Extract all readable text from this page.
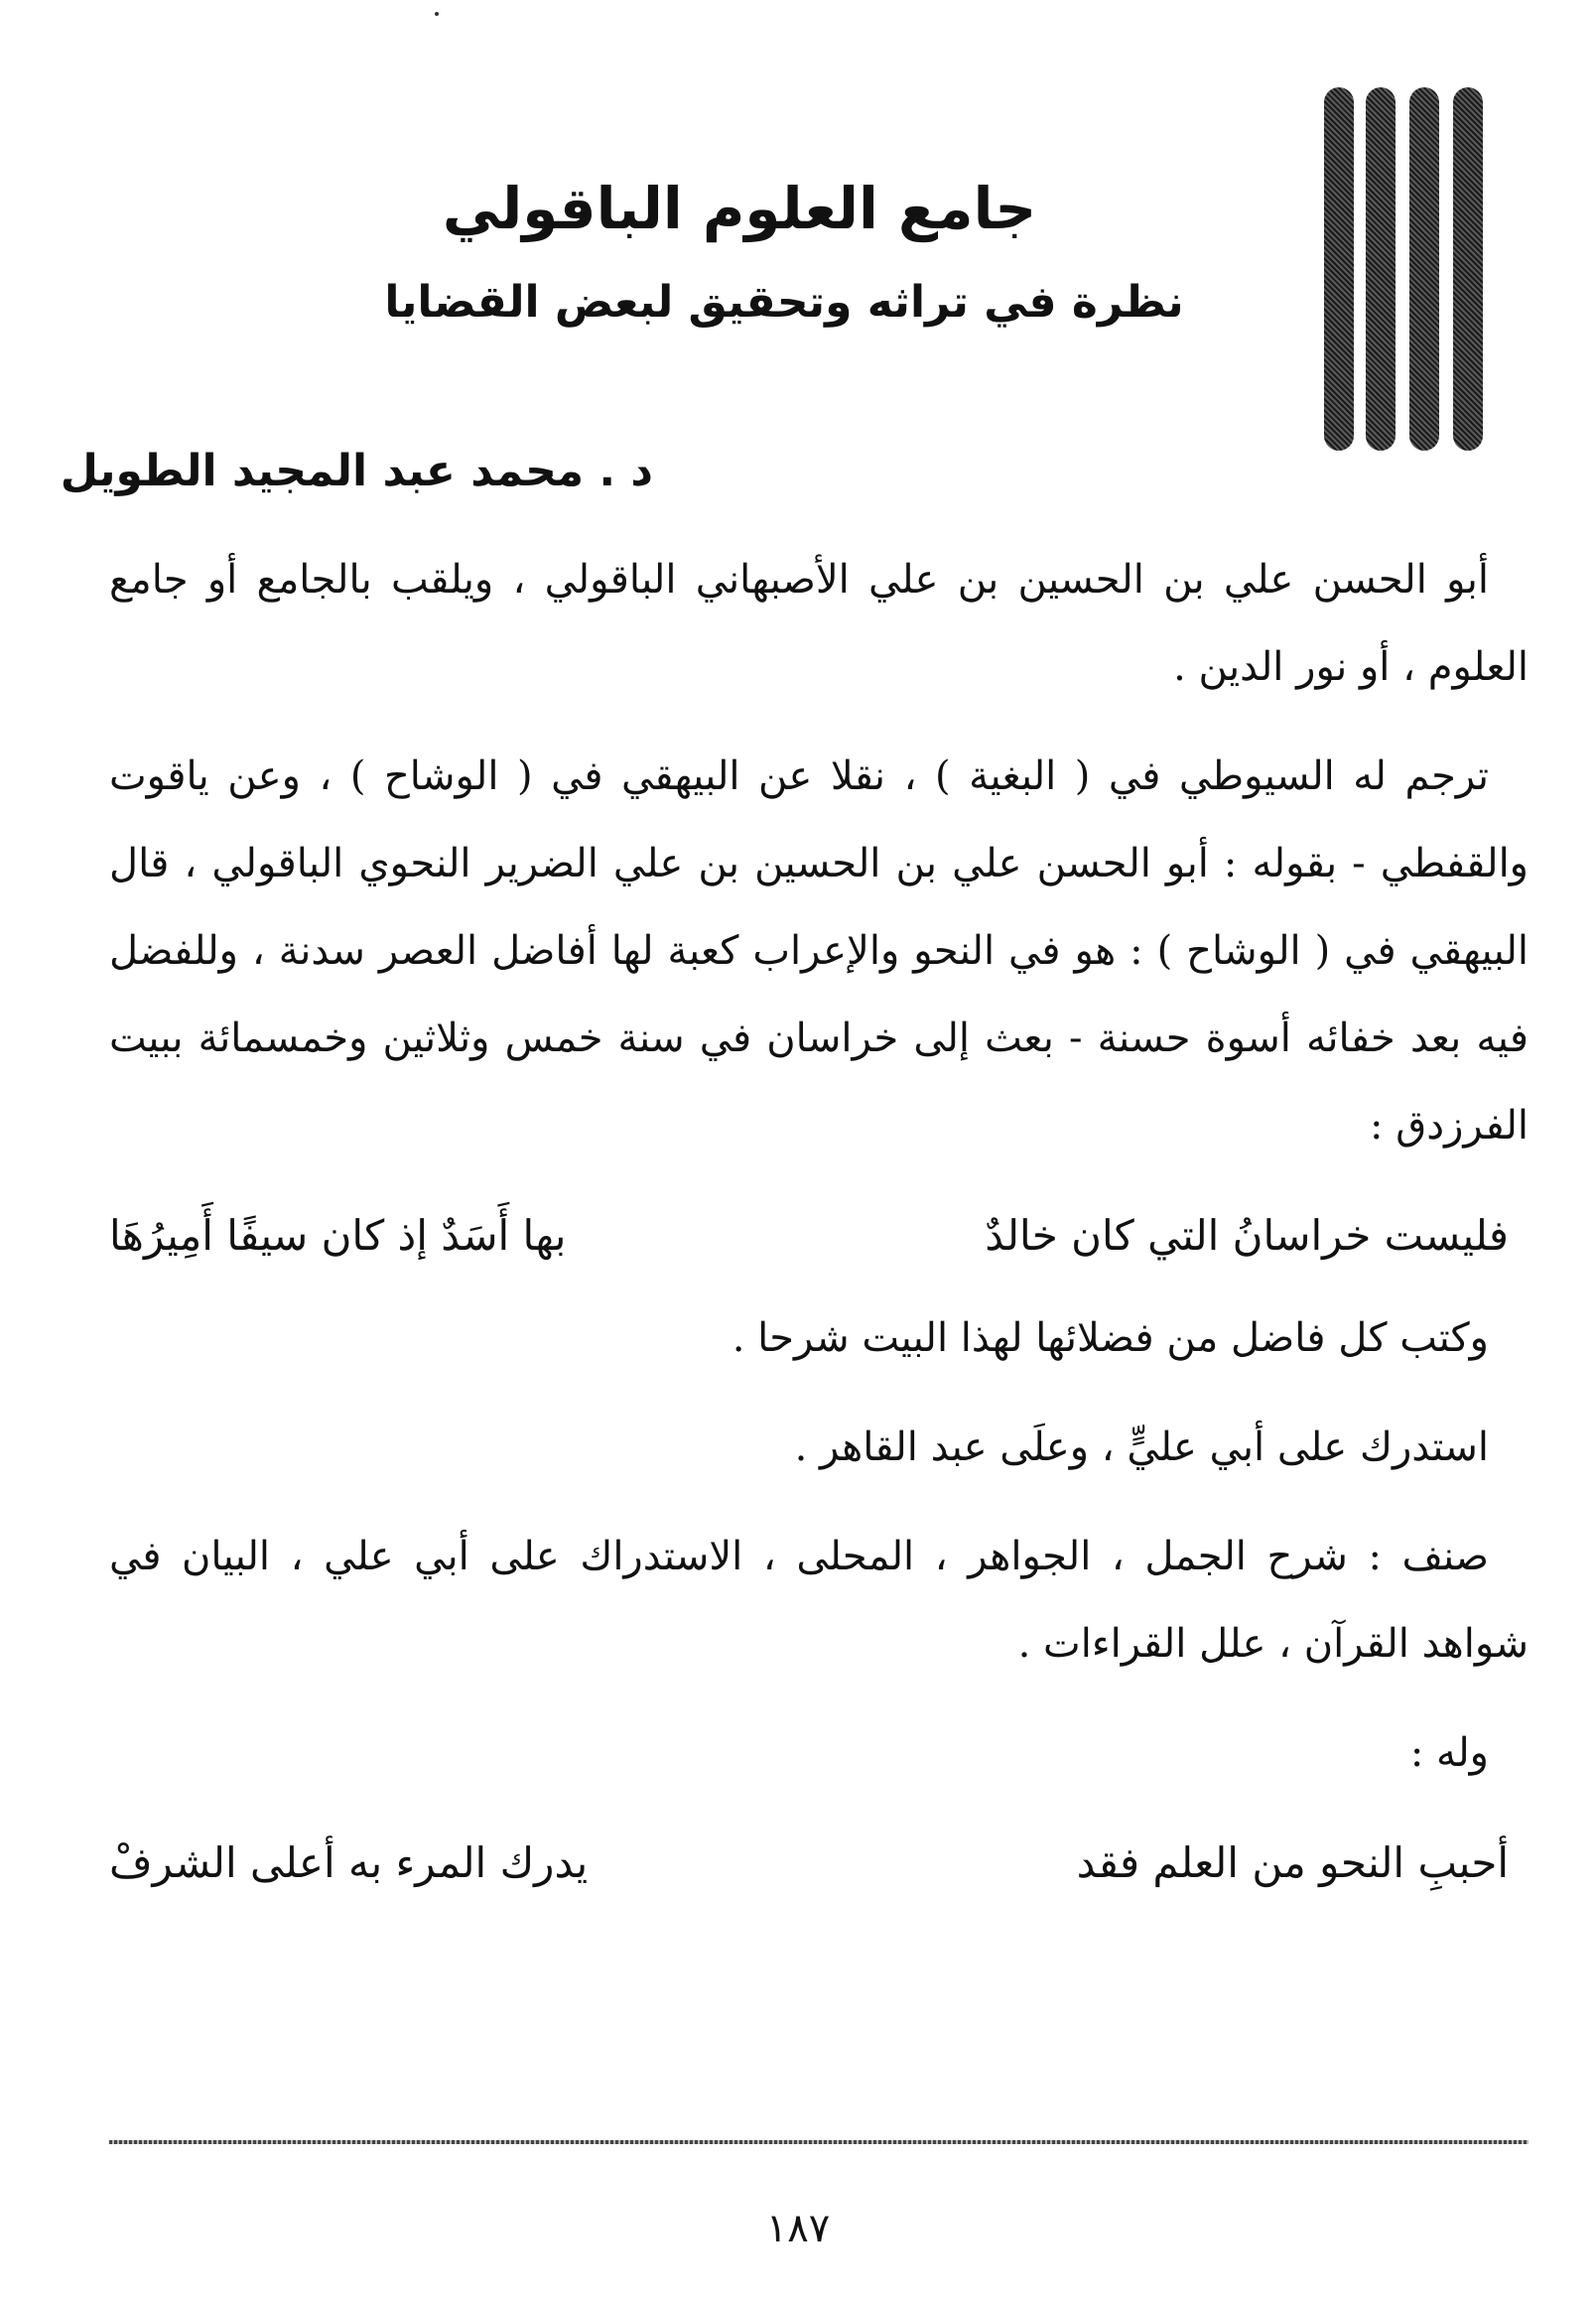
جامع العلوم الباقولي
نظرة في تراثه وتحقيق لبعض القضايا
د . محمد عبد المجيد الطويل

أبو الحسن علي بن الحسين بن علي الأصبهاني الباقولي ، ويلقب بالجامع أو جامع العلوم ، أو نور الدين .

ترجم له السيوطي في ( البغية ) ، نقلا عن البيهقي في ( الوشاح ) ، وعن ياقوت والقفطي - بقوله : أبو الحسن علي بن الحسين بن علي الضرير النحوي الباقولي ، قال البيهقي في ( الوشاح ) : هو في النحو والإعراب كعبة لها أفاضل العصر سدنة ، وللفضل فيه بعد خفائه أسوة حسنة - بعث إلى خراسان في سنة خمس وثلاثين وخمسمائة ببيت الفرزدق :

فليست خراسانُ التي كان خالدٌ
بها أَسَدٌ إذ كان سيفًا أَمِيرُهَا

وكتب كل فاضل من فضلائها لهذا البيت شرحا .

استدرك على أبي عليٍّ ، وعلَى عبد القاهر .

صنف : شرح الجمل ، الجواهر ، المحلى ، الاستدراك على أبي علي ، البيان في شواهد القرآن ، علل القراءات .

وله :

أحببِ النحو من العلم فقد
يدرك المرء به أعلى الشرفْ
١٨٧
